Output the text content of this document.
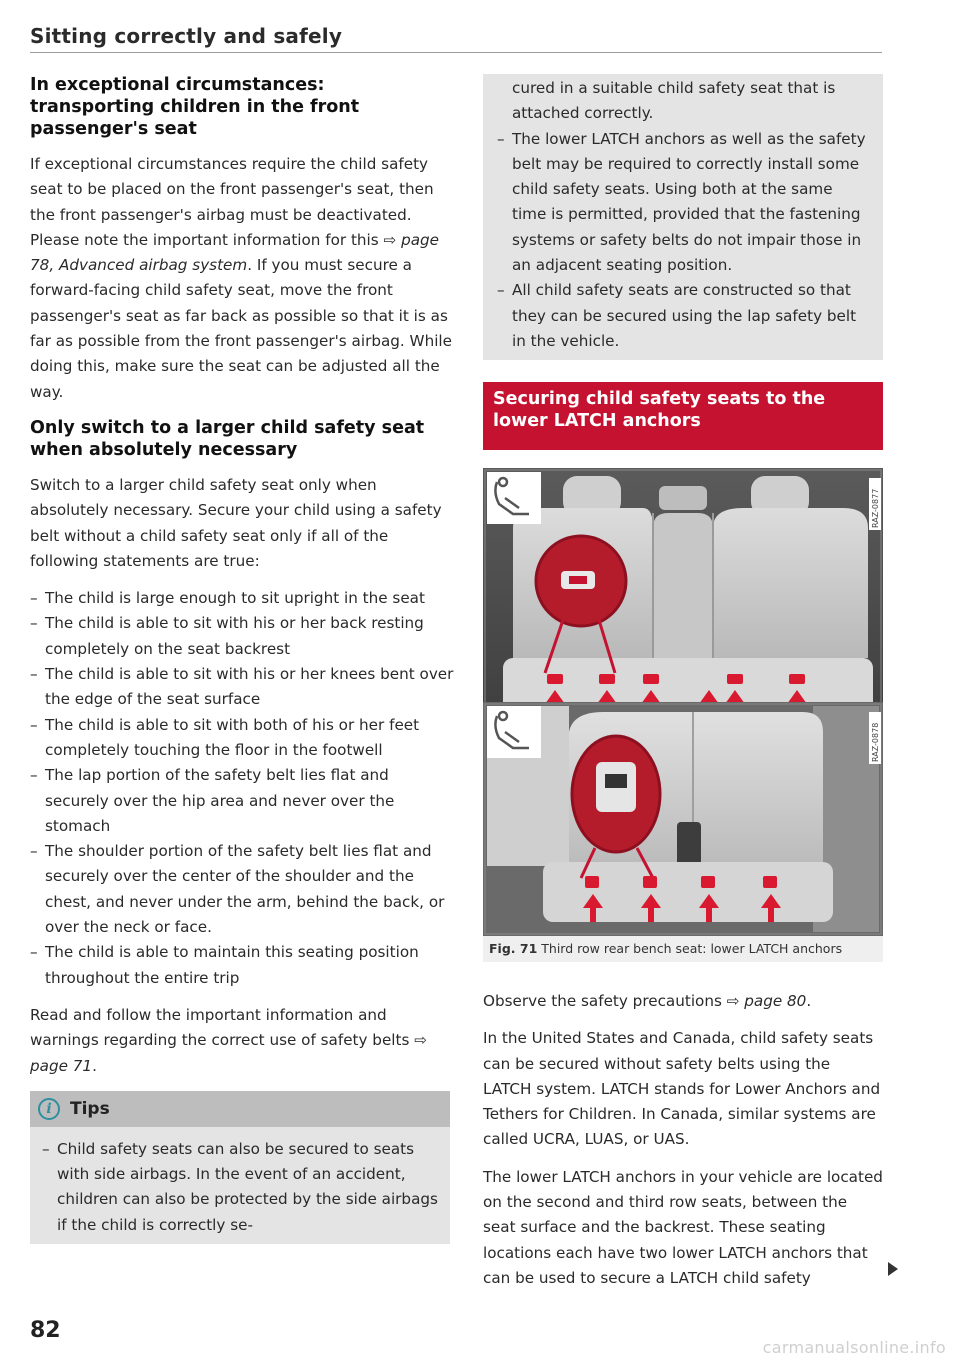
Sitting correctly and safely
In exceptional circumstances: transporting children in the front passenger's seat

If exceptional circumstances require the child safety seat to be placed on the front passenger's seat, then the front passenger's airbag must be deactivated. Please note the important information for this ⇨ page 78, Advanced airbag system. If you must secure a forward-facing child safety seat, move the front passenger's seat as far back as possible so that it is as far as possible from the front passenger's airbag. While doing this, make sure the seat can be adjusted all the way.

Only switch to a larger child safety seat when absolutely necessary

Switch to a larger child safety seat only when absolutely necessary. Secure your child using a safety belt without a child safety seat only if all of the following statements are true:

– The child is large enough to sit upright in the seat
– The child is able to sit with his or her back resting completely on the seat backrest
– The child is able to sit with his or her knees bent over the edge of the seat surface
– The child is able to sit with both of his or her feet completely touching the floor in the footwell
– The lap portion of the safety belt lies flat and securely over the hip area and never over the stomach
– The shoulder portion of the safety belt lies flat and securely over the center of the shoulder and the chest, and never under the arm, behind the back, or over the neck or face.
– The child is able to maintain this seating position throughout the entire trip

Read and follow the important information and warnings regarding the correct use of safety belts ⇨ page 71.

i	Tips
– Child safety seats can also be secured to seats with side airbags. In the event of an accident, children can also be protected by the side airbags if the child is correctly se-

cured in a suitable child safety seat that is attached correctly.

– The lower LATCH anchors as well as the safety belt may be required to correctly install some child safety seats. Using both at the same time is permitted, provided that the fastening systems or safety belts do not impair those in an adjacent seating position.
– All child safety seats are constructed so that they can be secured using the lap safety belt in the vehicle.
Securing child safety seats to the lower LATCH anchors
RAZ-0877
RAZ-0878
Fig. 71 Third row rear bench seat: lower LATCH anchors

Observe the safety precautions ⇨ page 80.

In the United States and Canada, child safety seats can be secured without safety belts using the LATCH system. LATCH stands for Lower Anchors and Tethers for Children. In Canada, similar systems are called UCRA, LUAS, or UAS.

The lower LATCH anchors in your vehicle are located on the second and third row seats, between the seat surface and the backrest. These seating locations each have two lower LATCH anchors that can be used to secure a LATCH child safety

82
carmanualsonline.info
